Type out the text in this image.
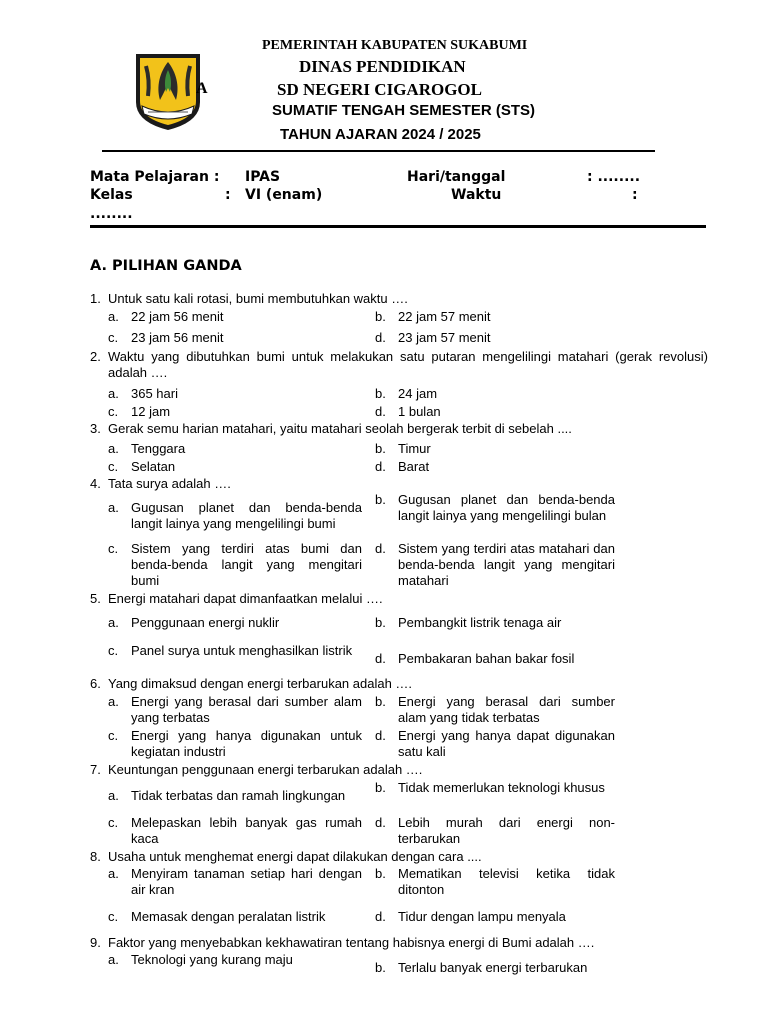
PEMERINTAH KABUPATEN SUKABUMI
DINAS PENDIDIKAN
A	SD NEGERI CIGAROGOL
SUMATIF TENGAH SEMESTER (STS)
TAHUN AJARAN 2024 / 2025
Mata Pelajaran : IPAS	Hari/tanggal	: ........
Kelas	: VI (enam)	Waktu	:
........
A. PILIHAN GANDA
1. Untuk satu kali rotasi, bumi membutuhkan waktu ….
a. 22 jam 56 menit	b. 22 jam 57 menit
c. 23 jam 56 menit	d. 23 jam 57 menit
2. Waktu yang dibutuhkan bumi untuk melakukan satu putaran mengelilingi matahari (gerak revolusi) adalah ….
a. 365 hari	b. 24 jam
c. 12 jam	d. 1 bulan
3. Gerak semu harian matahari, yaitu matahari seolah bergerak terbit di sebelah ....
a. Tenggara	b. Timur
c. Selatan	d. Barat
4. Tata surya adalah ….
a. Gugusan planet dan benda-benda langit lainya yang mengelilingi bumi
b. Gugusan planet dan benda-benda langit lainya yang mengelilingi bulan
c. Sistem yang terdiri atas bumi dan benda-benda langit yang mengitari bumi
d. Sistem yang terdiri atas matahari dan benda-benda langit yang mengitari matahari
5. Energi matahari dapat dimanfaatkan melalui ….
a. Penggunaan energi nuklir	b. Pembangkit listrik tenaga air
c. Panel surya untuk menghasilkan listrik
d. Pembakaran bahan bakar fosil
6. Yang dimaksud dengan energi terbarukan adalah ….
a. Energi yang berasal dari sumber alam yang terbatas
b. Energi yang berasal dari sumber alam yang tidak terbatas
c. Energi yang hanya digunakan untuk kegiatan industri
d. Energi yang hanya dapat digunakan satu kali
7. Keuntungan penggunaan energi terbarukan adalah ….
a. Tidak terbatas dan ramah lingkungan
b. Tidak memerlukan teknologi khusus
c. Melepaskan lebih banyak gas rumah kaca
d. Lebih murah dari energi non-terbarukan
8. Usaha untuk menghemat energi dapat dilakukan dengan cara ....
a. Menyiram tanaman setiap hari dengan air kran
b. Mematikan televisi ketika tidak ditonton
c. Memasak dengan peralatan listrik	d. Tidur dengan lampu menyala
9. Faktor yang menyebabkan kekhawatiran tentang habisnya energi di Bumi adalah ….
a. Teknologi yang kurang maju
b. Terlalu banyak energi terbarukan
